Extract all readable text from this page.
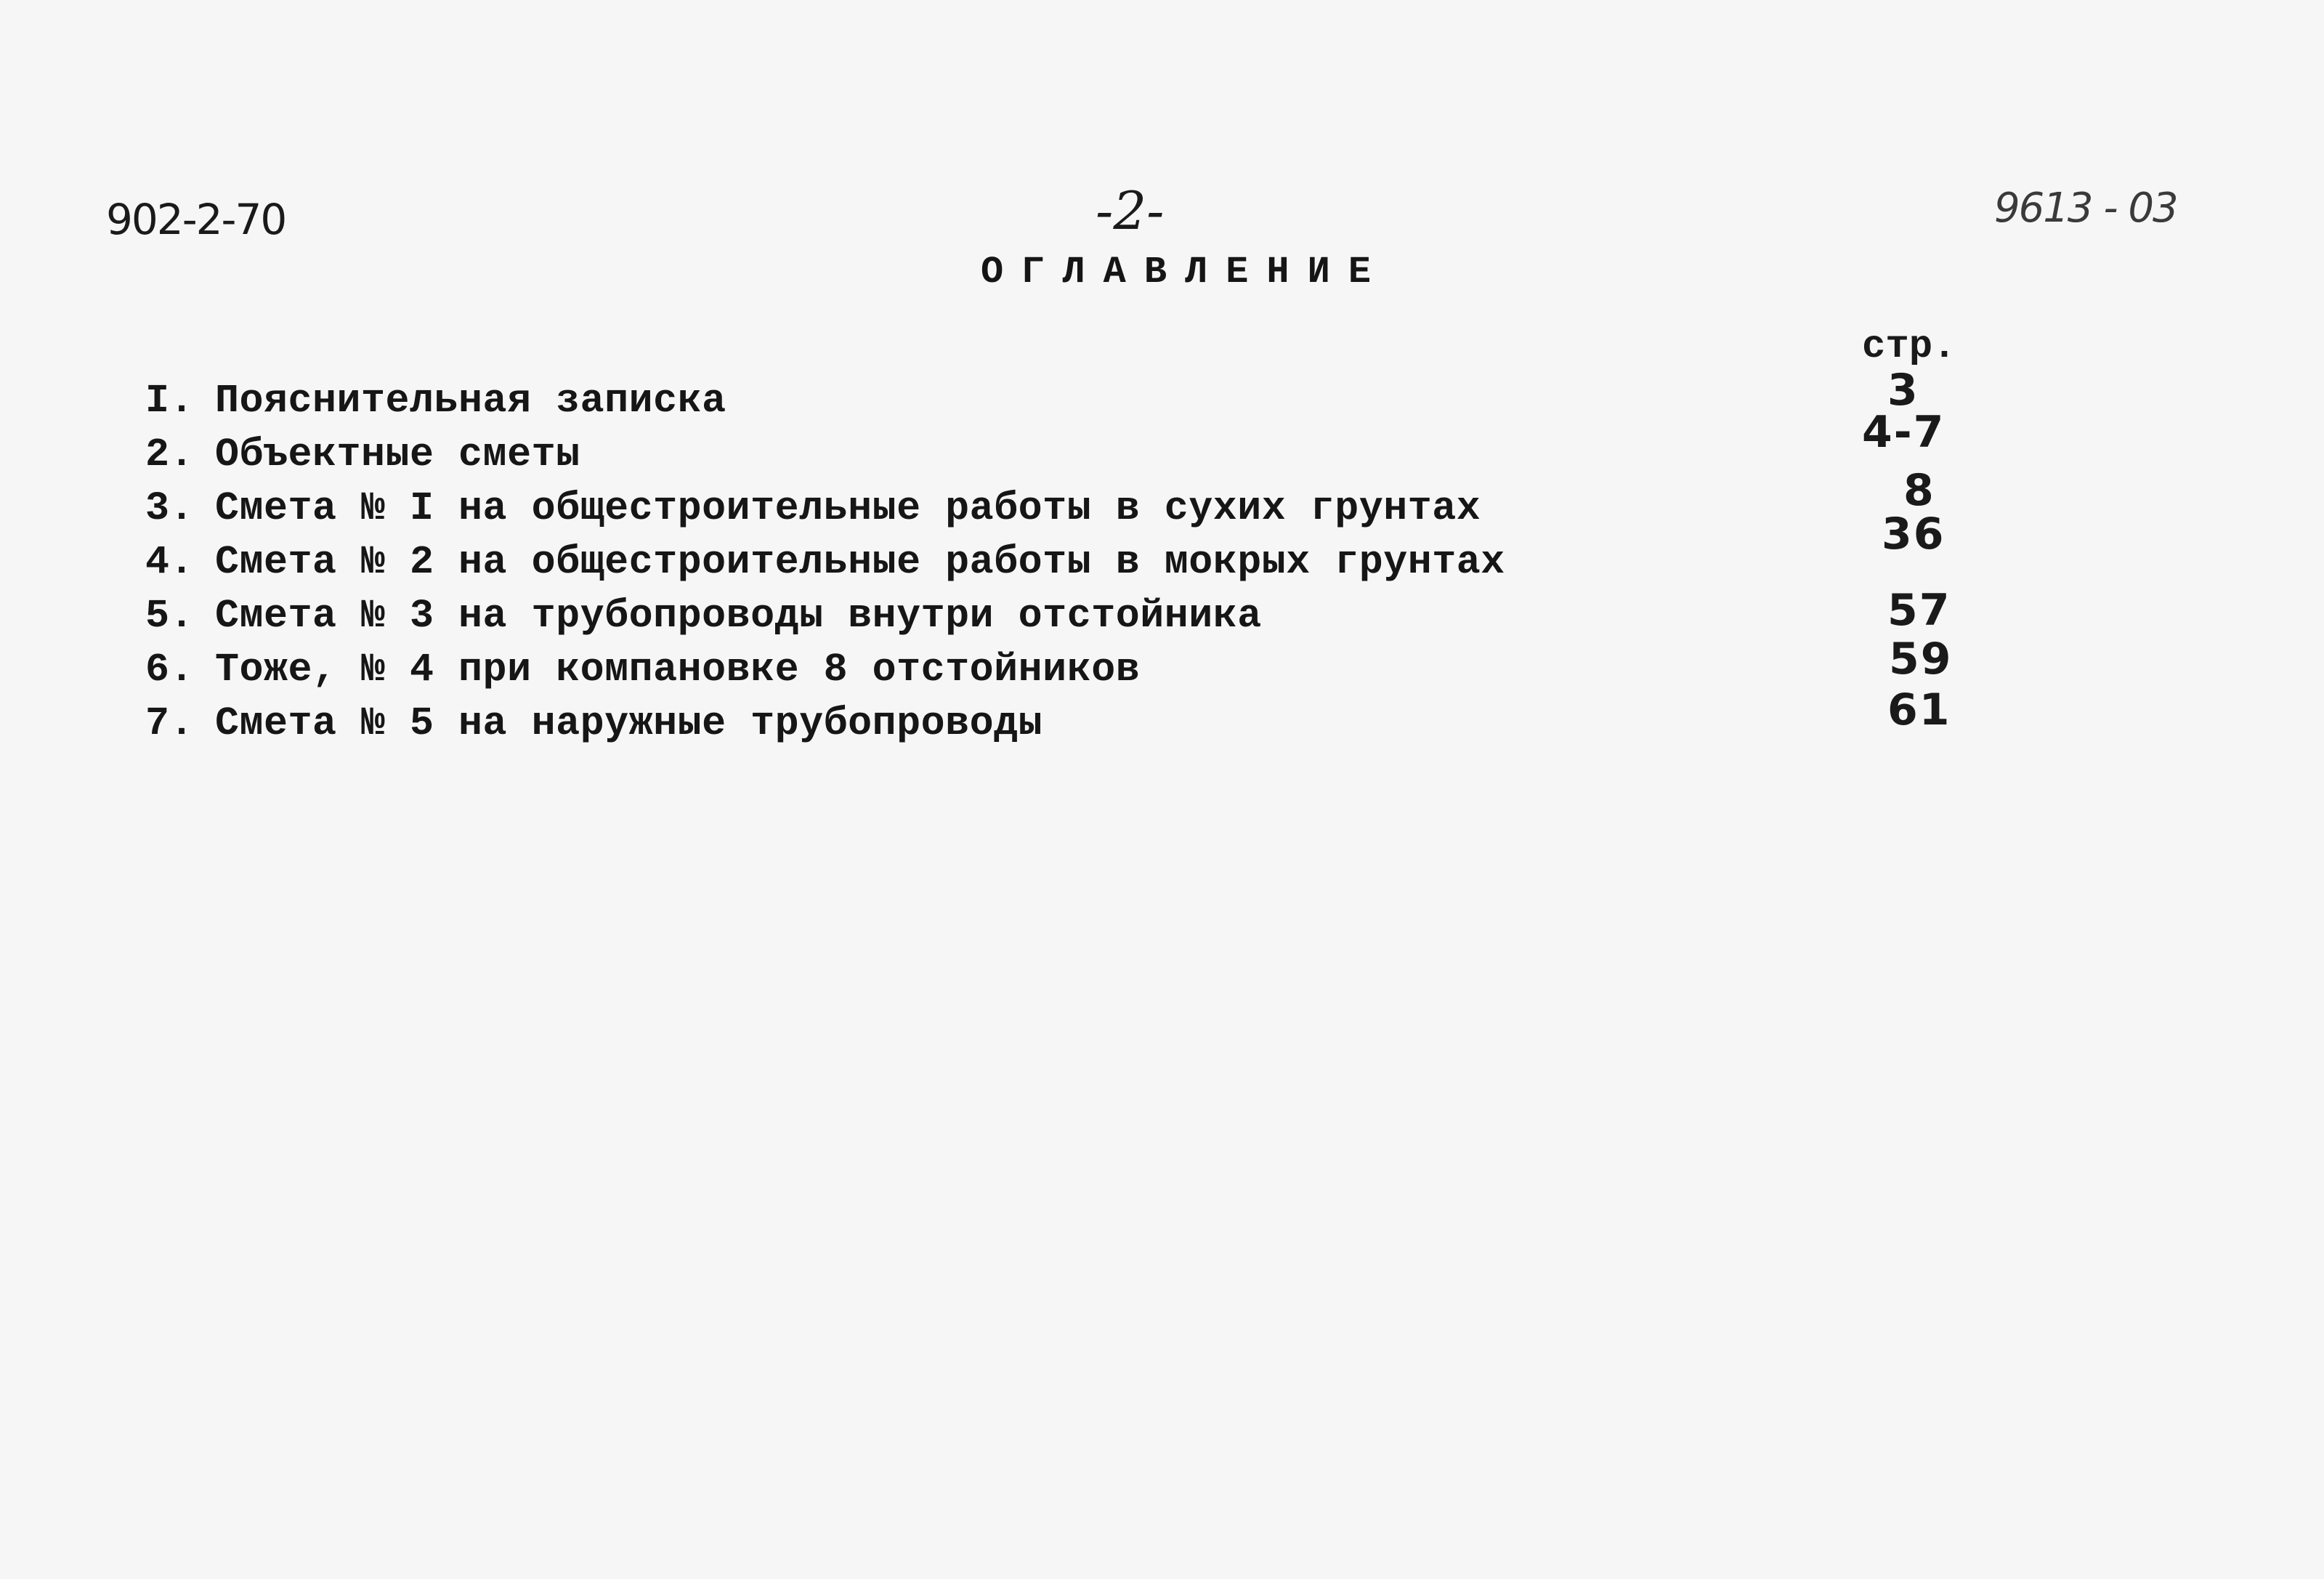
902-2-70	-2-	9613 - 03
ОГЛАВЛЕНИЕ
стр.
I. Пояснительная записка
2. Объектные сметы
3. Смета № I на общестроительные работы в сухих грунтах
4. Смета № 2 на общестроительные работы в мокрых грунтах
5. Смета № 3 на трубопроводы внутри отстойника
6. Тоже, № 4 при компановке 8 отстойников
7. Смета № 5 на наружные трубопроводы
3
4-7
8
36
57
59
61
